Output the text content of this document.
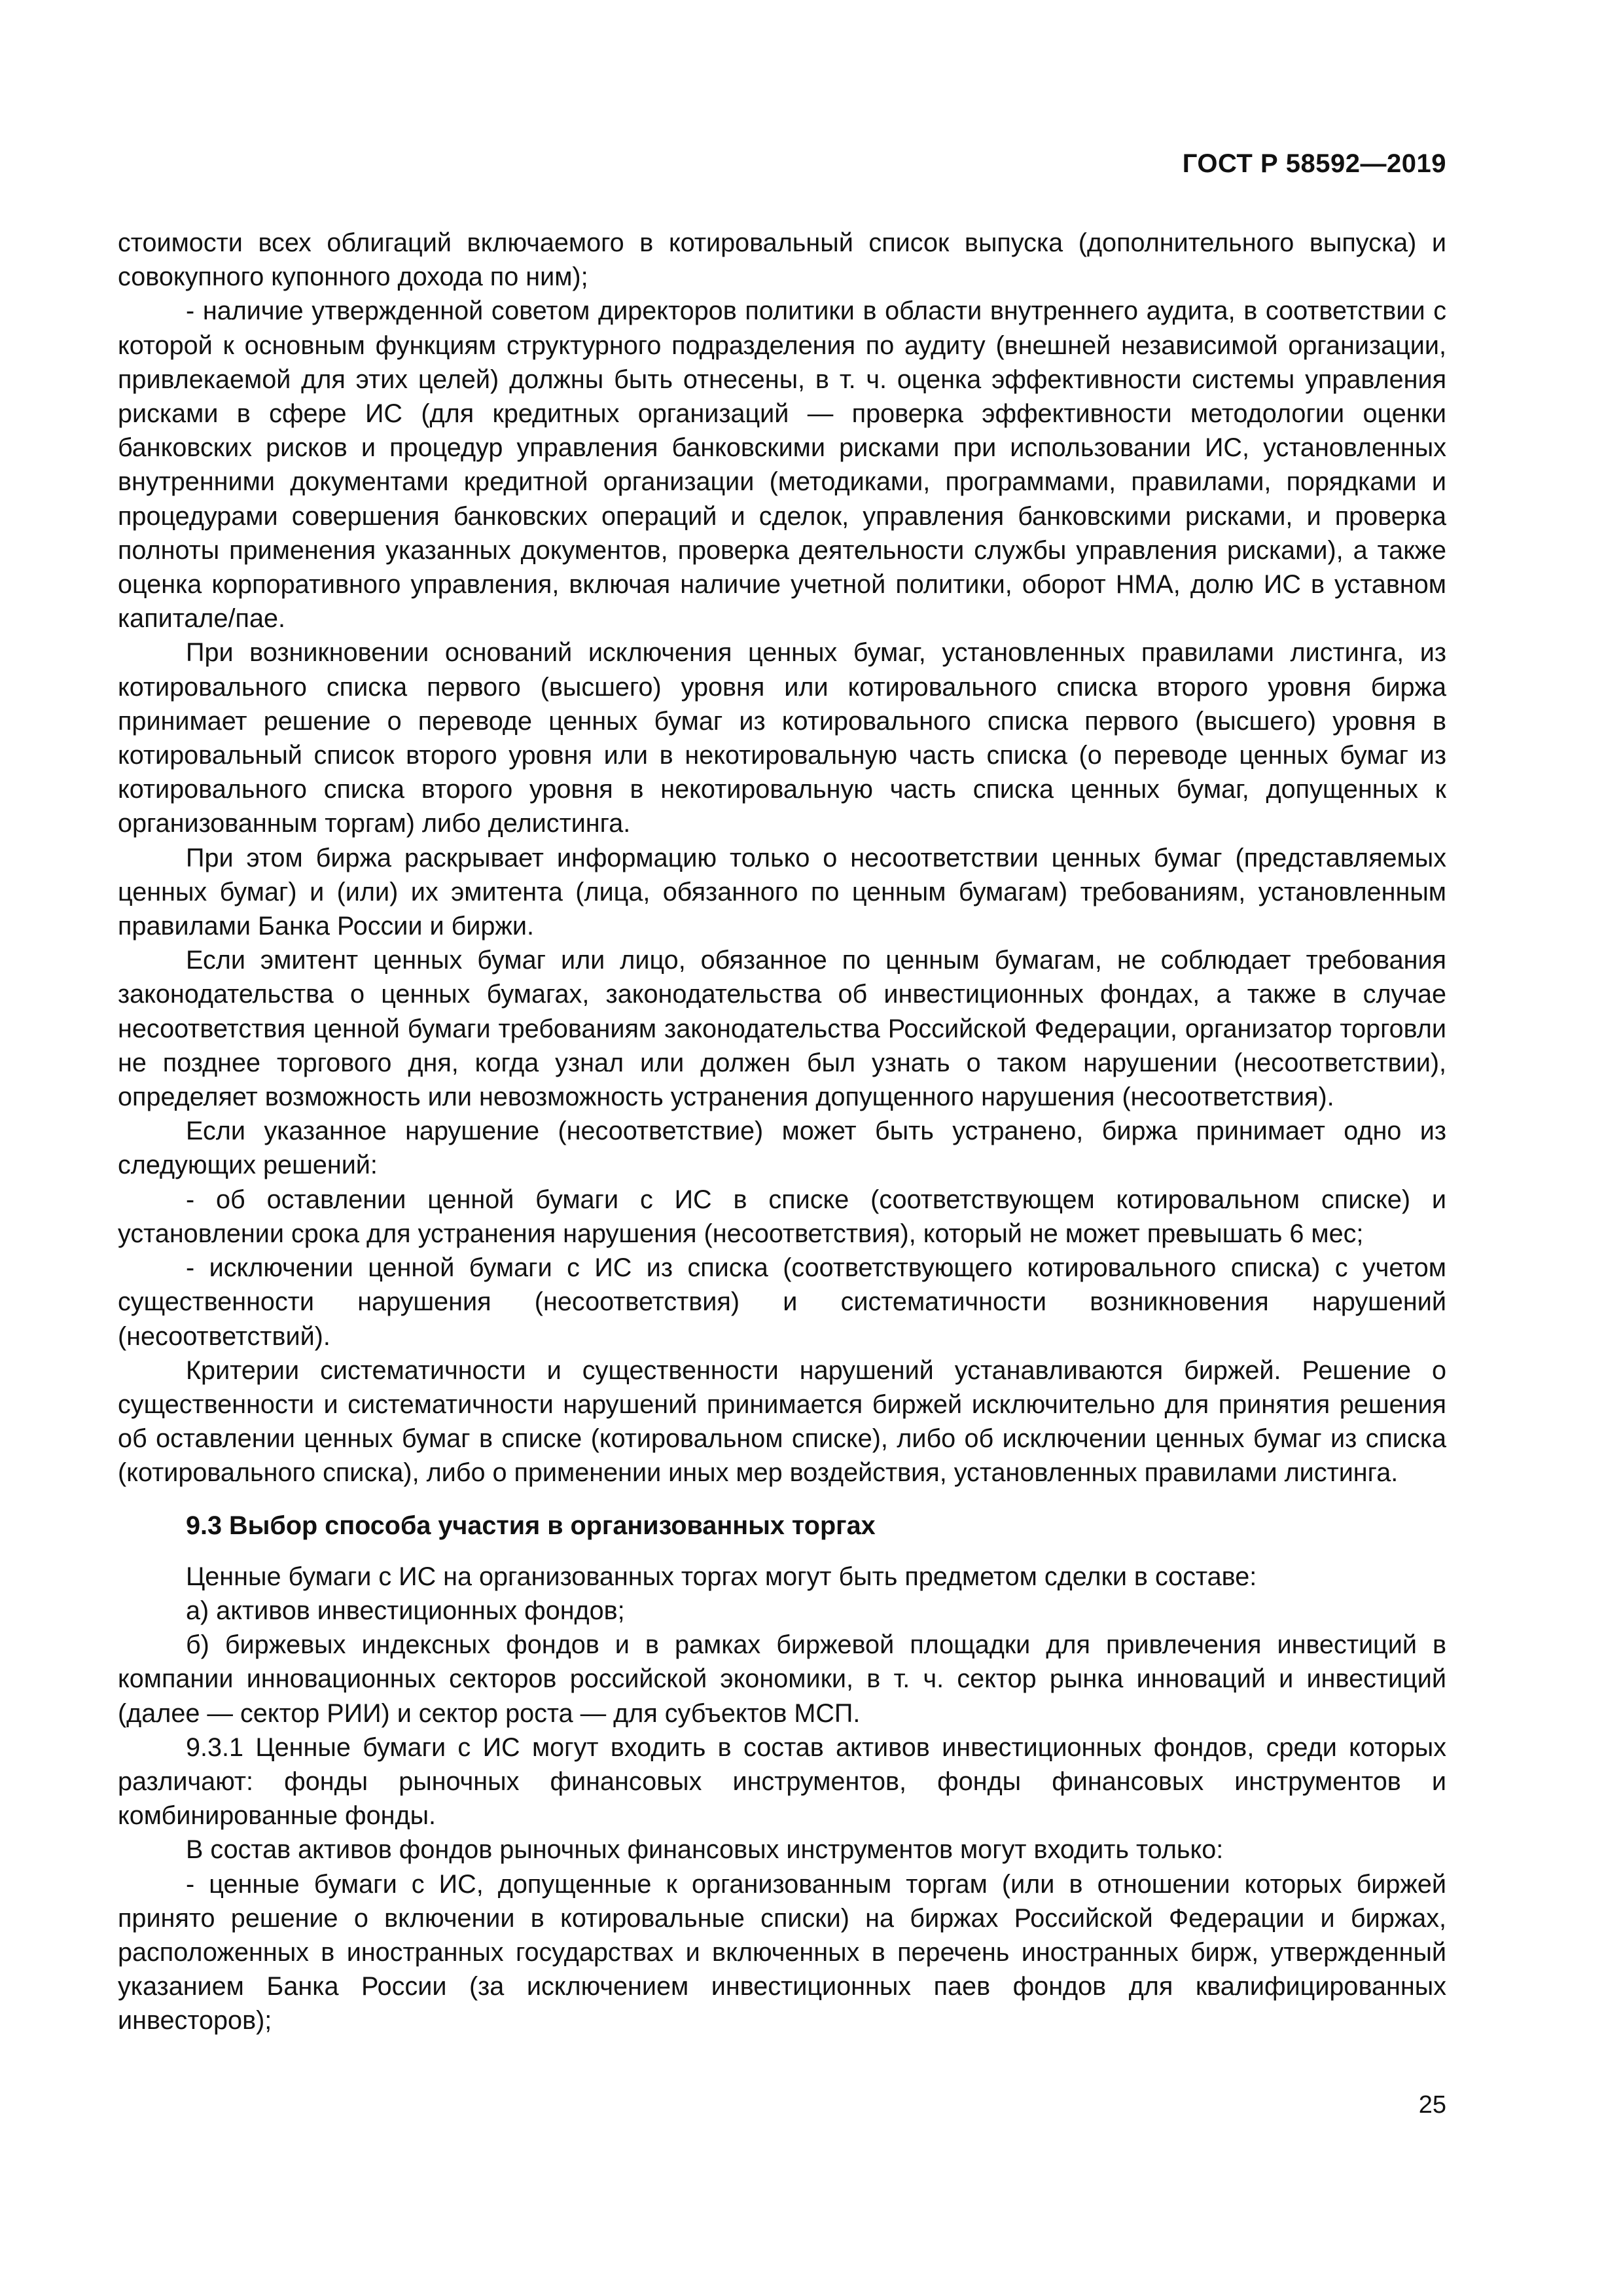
ГОСТ Р 58592—2019

стоимости всех облигаций включаемого в котировальный список выпуска (дополнительного выпуска) и совокупного купонного дохода по ним);

- наличие утвержденной советом директоров политики в области внутреннего аудита, в соответствии с которой к основным функциям структурного подразделения по аудиту (внешней независимой организации, привлекаемой для этих целей) должны быть отнесены, в т. ч. оценка эффективности системы управления рисками в сфере ИС (для кредитных организаций — проверка эффективности методологии оценки банковских рисков и процедур управления банковскими рисками при использовании ИС, установленных внутренними документами кредитной организации (методиками, программами, правилами, порядками и процедурами совершения банковских операций и сделок, управления банковскими рисками, и проверка полноты применения указанных документов, проверка деятельности службы управления рисками), а также оценка корпоративного управления, включая наличие учетной политики, оборот НМА, долю ИС в уставном капитале/пае.

При возникновении оснований исключения ценных бумаг, установленных правилами листинга, из котировального списка первого (высшего) уровня или котировального списка второго уровня биржа принимает решение о переводе ценных бумаг из котировального списка первого (высшего) уровня в котировальный список второго уровня или в некотировальную часть списка (о переводе ценных бумаг из котировального списка второго уровня в некотировальную часть списка ценных бумаг, допущенных к организованным торгам) либо делистинга.

При этом биржа раскрывает информацию только о несоответствии ценных бумаг (представляемых ценных бумаг) и (или) их эмитента (лица, обязанного по ценным бумагам) требованиям, установленным правилами Банка России и биржи.

Если эмитент ценных бумаг или лицо, обязанное по ценным бумагам, не соблюдает требования законодательства о ценных бумагах, законодательства об инвестиционных фондах, а также в случае несоответствия ценной бумаги требованиям законодательства Российской Федерации, организатор торговли не позднее торгового дня, когда узнал или должен был узнать о таком нарушении (несоответствии), определяет возможность или невозможность устранения допущенного нарушения (несоответствия).

Если указанное нарушение (несоответствие) может быть устранено, биржа принимает одно из следующих решений:

- об оставлении ценной бумаги с ИС в списке (соответствующем котировальном списке) и установлении срока для устранения нарушения (несоответствия), который не может превышать 6 мес;

- исключении ценной бумаги с ИС из списка (соответствующего котировального списка) с учетом существенности нарушения (несоответствия) и систематичности возникновения нарушений (несоответствий).

Критерии систематичности и существенности нарушений устанавливаются биржей. Решение о существенности и систематичности нарушений принимается биржей исключительно для принятия решения об оставлении ценных бумаг в списке (котировальном списке), либо об исключении ценных бумаг из списка (котировального списка), либо о применении иных мер воздействия, установленных правилами листинга.

9.3 Выбор способа участия в организованных торгах

Ценные бумаги с ИС на организованных торгах могут быть предметом сделки в составе:

а) активов инвестиционных фондов;

б) биржевых индексных фондов и в рамках биржевой площадки для привлечения инвестиций в компании инновационных секторов российской экономики, в т. ч. сектор рынка инноваций и инвестиций (далее — сектор РИИ) и сектор роста — для субъектов МСП.

9.3.1 Ценные бумаги с ИС могут входить в состав активов инвестиционных фондов, среди которых различают: фонды рыночных финансовых инструментов, фонды финансовых инструментов и комбинированные фонды.

В состав активов фондов рыночных финансовых инструментов могут входить только:

- ценные бумаги с ИС, допущенные к организованным торгам (или в отношении которых биржей принято решение о включении в котировальные списки) на биржах Российской Федерации и биржах, расположенных в иностранных государствах и включенных в перечень иностранных бирж, утвержденный указанием Банка России (за исключением инвестиционных паев фондов для квалифицированных инвесторов);

25
